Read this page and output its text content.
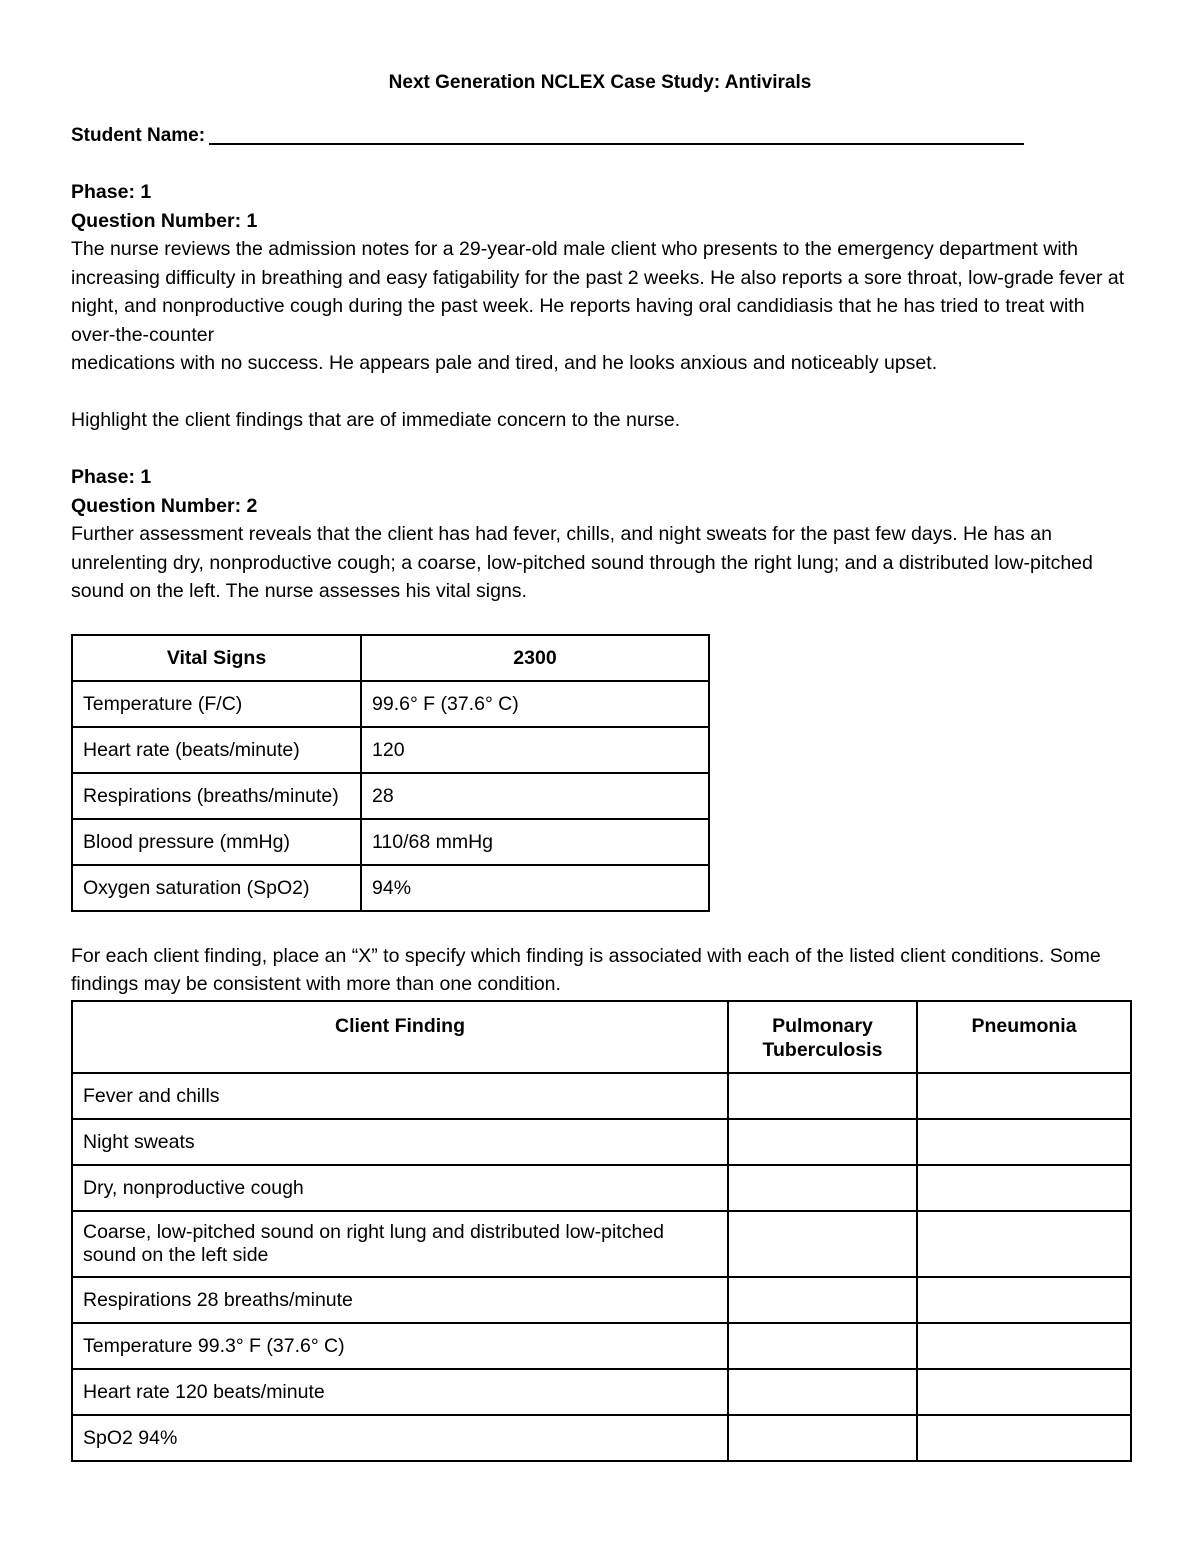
Next Generation NCLEX Case Study: Antivirals
Student Name:

Phase: 1

Question Number: 1

The nurse reviews the admission notes for a 29-year-old male client who presents to the emergency department with increasing difficulty in breathing and easy fatigability for the past 2 weeks. He also reports a sore throat, low-grade fever at night, and nonproductive cough during the past week. He reports having oral candidiasis that he has tried to treat with over-the-counter

medications with no success. He appears pale and tired, and he looks anxious and noticeably upset.

Highlight the client findings that are of immediate concern to the nurse.

Phase: 1

Question Number: 2

Further assessment reveals that the client has had fever, chills, and night sweats for the past few days. He has an unrelenting dry, nonproductive cough; a coarse, low-pitched sound through the right lung; and a distributed low-pitched sound on the left. The nurse assesses his vital signs.

Vital Signs	2300
Temperature (F/C)	99.6° F (37.6° C)
Heart rate (beats/minute)	120
Respirations (breaths/minute)	28
Blood pressure (mmHg)	110/68 mmHg
Oxygen saturation (SpO2)	94%
For each client finding, place an “X” to specify which finding is associated with each of the listed client conditions. Some findings may be consistent with more than one condition.
Client Finding	Pulmonary Tuberculosis	Pneumonia
Fever and chills		
Night sweats		
Dry, nonproductive cough		
Coarse, low-pitched sound on right lung and distributed low-pitched sound on the left side		
Respirations 28 breaths/minute		
Temperature 99.3° F (37.6° C)		
Heart rate 120 beats/minute		
SpO2 94%		
